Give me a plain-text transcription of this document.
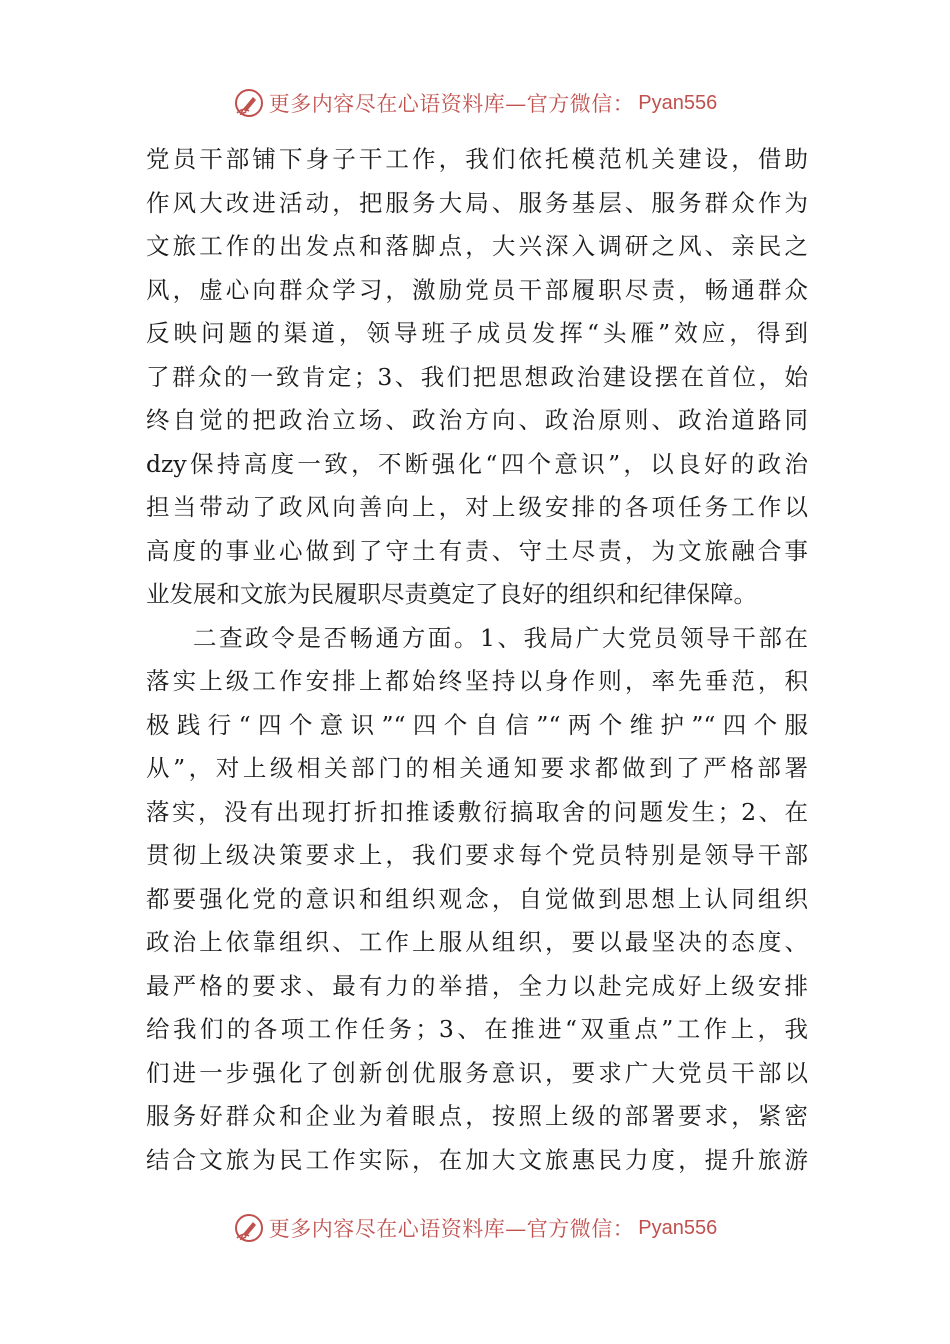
更多内容尽在心语资料库—官方微信： Pyan556
党员干部铺下身子干工作，我们依托模范机关建设，借助
作风大改进活动，把服务大局、服务基层、服务群众作为
文旅工作的出发点和落脚点，大兴深入调研之风、亲民之
风，虚心向群众学习，激励党员干部履职尽责，畅通群众
反映问题的渠道，领导班子成员发挥“头雁”效应，得到
了群众的一致肯定；3、我们把思想政治建设摆在首位，始
终自觉的把政治立场、政治方向、政治原则、政治道路同
dzy保持高度一致，不断强化“四个意识”，以良好的政治
担当带动了政风向善向上，对上级安排的各项任务工作以
高度的事业心做到了守土有责、守土尽责，为文旅融合事
业发展和文旅为民履职尽责奠定了良好的组织和纪律保障。
二查政令是否畅通方面。1、我局广大党员领导干部在
落实上级工作安排上都始终坚持以身作则，率先垂范，积
极践行“四个意识”“四个自信”“两个维护”“四个服
从”，对上级相关部门的相关通知要求都做到了严格部署
落实，没有出现打折扣推诿敷衍搞取舍的问题发生；2、在
贯彻上级决策要求上，我们要求每个党员特别是领导干部
都要强化党的意识和组织观念，自觉做到思想上认同组织
政治上依靠组织、工作上服从组织，要以最坚决的态度、
最严格的要求、最有力的举措，全力以赴完成好上级安排
给我们的各项工作任务；3、在推进“双重点”工作上，我
们进一步强化了创新创优服务意识，要求广大党员干部以
服务好群众和企业为着眼点，按照上级的部署要求，紧密
结合文旅为民工作实际，在加大文旅惠民力度，提升旅游
更多内容尽在心语资料库—官方微信： Pyan556
